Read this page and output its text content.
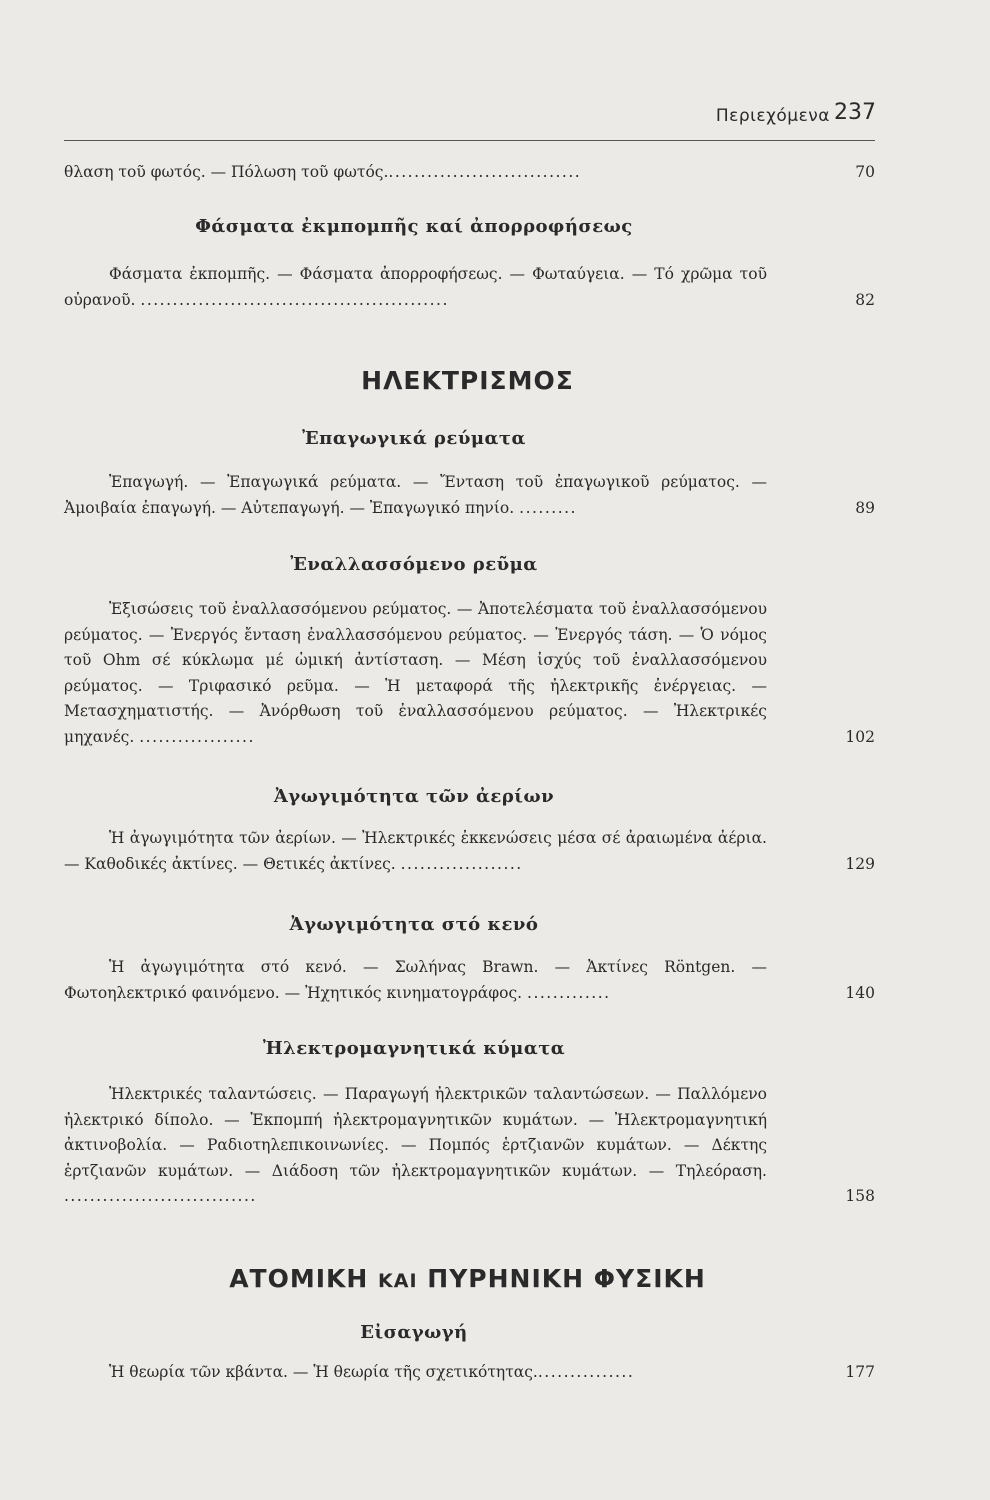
Περιεχόμενα 237
θλαση τοῦ φωτός. — Πόλωση τοῦ φωτός...............................	70
Φάσματα ἐκμπομπῆς καί ἀπορροφήσεως
Φάσματα ἐκπομπῆς. — Φάσματα ἀπορροφήσεως. — Φωταύγεια. — Τό χρῶμα τοῦ οὐρανοῦ. ................................................	82
ΗΛΕΚΤΡΙΣΜΟΣ
Ἐπαγωγικά ρεύματα
Ἐπαγωγή. — Ἐπαγωγικά ρεύματα. — Ἔνταση τοῦ ἐπαγωγικοῦ ρεύματος. — Ἀμοιβαία ἐπαγωγή. — Αὐτεπαγωγή. — Ἐπαγωγικό πηνίο. .........	89
Ἐναλλασσόμενο ρεῦμα
Ἐξισώσεις τοῦ ἐναλλασσόμενου ρεύματος. — Ἀποτελέσματα τοῦ ἐναλλασσόμενου ρεύματος. — Ἐνεργός ἔνταση ἐναλλασσόμενου ρεύματος. — Ἐνεργός τάση. — Ὁ νόμος τοῦ Ohm σέ κύκλωμα μέ ὠμική ἀντίσταση. — Μέση ἰσχύς τοῦ ἐναλλασσόμενου ρεύματος. — Τριφασικό ρεῦμα. — Ἡ μεταφορά τῆς ἠλεκτρικῆς ἐνέργειας. — Μετασχηματιστής. — Ἀνόρθωση τοῦ ἐναλλασσόμενου ρεύματος. — Ἠλεκτρικές μηχανές. ..................	102
Ἀγωγιμότητα τῶν ἀερίων
Ἡ ἀγωγιμότητα τῶν ἀερίων. — Ἠλεκτρικές ἐκκενώσεις μέσα σέ ἀραιωμένα ἀέρια. — Καθοδικές ἀκτίνες. — Θετικές ἀκτίνες. ...................	129
Ἀγωγιμότητα στό κενό
Ἡ ἀγωγιμότητα στό κενό. — Σωλήνας Brawn. — Ἀκτίνες Röntgen. — Φωτοηλεκτρικό φαινόμενο. — Ἠχητικός κινηματογράφος. .............	140
Ἠλεκτρομαγνητικά κύματα
Ἠλεκτρικές ταλαντώσεις. — Παραγωγή ἠλεκτρικῶν ταλαντώσεων. — Παλλόμενο ἠλεκτρικό δίπολο. — Ἐκπομπή ἠλεκτρομαγνητικῶν κυμάτων. — Ἠλεκτρομαγνητική ἀκτινοβολία. — Ραδιοτηλεπικοινωνίες. — Πομπός ἑρτζιανῶν κυμάτων. — Δέκτης ἑρτζιανῶν κυμάτων. — Διάδοση τῶν ἠλεκτρομαγνητικῶν κυμάτων. — Τηλεόραση. ..............................	158
ΑΤΟΜΙΚΗ ΚΑΙ ΠΥΡΗΝΙΚΗ ΦΥΣΙΚΗ
Εἰσαγωγή
Ἡ θεωρία τῶν κβάντα. — Ἡ θεωρία τῆς σχετικότητας................	177
